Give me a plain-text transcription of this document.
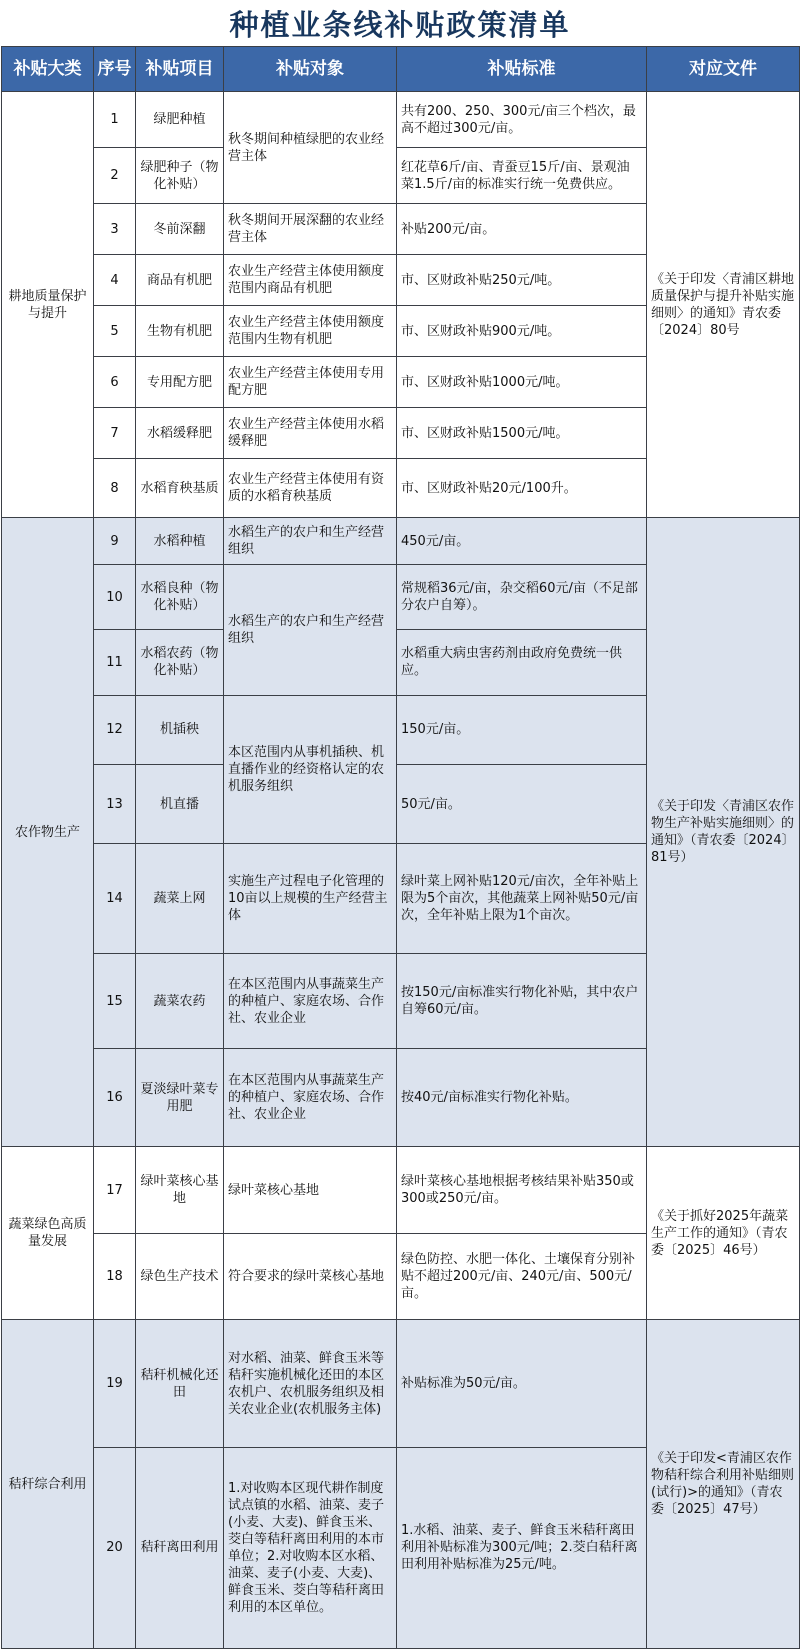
种植业条线补贴政策清单
补贴大类	序号	补贴项目	补贴对象	补贴标准	对应文件
耕地质量保护与提升	1	绿肥种植	秋冬期间种植绿肥的农业经营主体	共有200、250、300元/亩三个档次，最高不超过300元/亩。	《关于印发〈青浦区耕地质量保护与提升补贴实施细则〉的通知》青农委〔2024〕80号
	2	绿肥种子（物化补贴）		红花草6斤/亩、青蚕豆15斤/亩、景观油菜1.5斤/亩的标准实行统一免费供应。	
	3	冬前深翻	秋冬期间开展深翻的农业经营主体	补贴200元/亩。	
	4	商品有机肥	农业生产经营主体使用额度范围内商品有机肥	市、区财政补贴250元/吨。	
	5	生物有机肥	农业生产经营主体使用额度范围内生物有机肥	市、区财政补贴900元/吨。	
	6	专用配方肥	农业生产经营主体使用专用配方肥	市、区财政补贴1000元/吨。	
	7	水稻缓释肥	农业生产经营主体使用水稻缓释肥	市、区财政补贴1500元/吨。	
	8	水稻育秧基质	农业生产经营主体使用有资质的水稻育秧基质	市、区财政补贴20元/100升。	
农作物生产	9	水稻种植	水稻生产的农户和生产经营组织	450元/亩。	《关于印发〈青浦区农作物生产补贴实施细则〉的通知》（青农委〔2024〕81号）
	10	水稻良种（物化补贴）	水稻生产的农户和生产经营组织	常规稻36元/亩，杂交稻60元/亩（不足部分农户自筹）。	
	11	水稻农药（物化补贴）		水稻重大病虫害药剂由政府免费统一供应。	
	12	机插秧	本区范围内从事机插秧、机直播作业的经资格认定的农机服务组织	150元/亩。	
	13	机直播		50元/亩。	
	14	蔬菜上网	实施生产过程电子化管理的10亩以上规模的生产经营主体	绿叶菜上网补贴120元/亩次，全年补贴上限为5个亩次，其他蔬菜上网补贴50元/亩次，全年补贴上限为1个亩次。	
	15	蔬菜农药	在本区范围内从事蔬菜生产的种植户、家庭农场、合作社、农业企业	按150元/亩标准实行物化补贴，其中农户自筹60元/亩。	
	16	夏淡绿叶菜专用肥	在本区范围内从事蔬菜生产的种植户、家庭农场、合作社、农业企业	按40元/亩标准实行物化补贴。	
蔬菜绿色高质量发展	17	绿叶菜核心基地	绿叶菜核心基地	绿叶菜核心基地根据考核结果补贴350或300或250元/亩。	《关于抓好2025年蔬菜生产工作的通知》（青农委〔2025〕46号）
	18	绿色生产技术	符合要求的绿叶菜核心基地	绿色防控、水肥一体化、土壤保育分别补贴不超过200元/亩、240元/亩、500元/亩。	
秸秆综合利用	19	秸秆机械化还田	对水稻、油菜、鲜食玉米等秸秆实施机械化还田的本区农机户、农机服务组织及相关农业企业(农机服务主体)	补贴标准为50元/亩。	《关于印发<青浦区农作物秸秆综合利用补贴细则(试行)>的通知》（青农委〔2025〕47号）
	20	秸秆离田利用	1.对收购本区现代耕作制度试点镇的水稻、油菜、麦子(小麦、大麦)、鲜食玉米、茭白等秸秆离田利用的本市单位；2.对收购本区水稻、油菜、麦子(小麦、大麦)、鲜食玉米、茭白等秸秆离田利用的本区单位。	1.水稻、油菜、麦子、鲜食玉米秸秆离田利用补贴标准为300元/吨；2.茭白秸秆离田利用补贴标准为25元/吨。	
